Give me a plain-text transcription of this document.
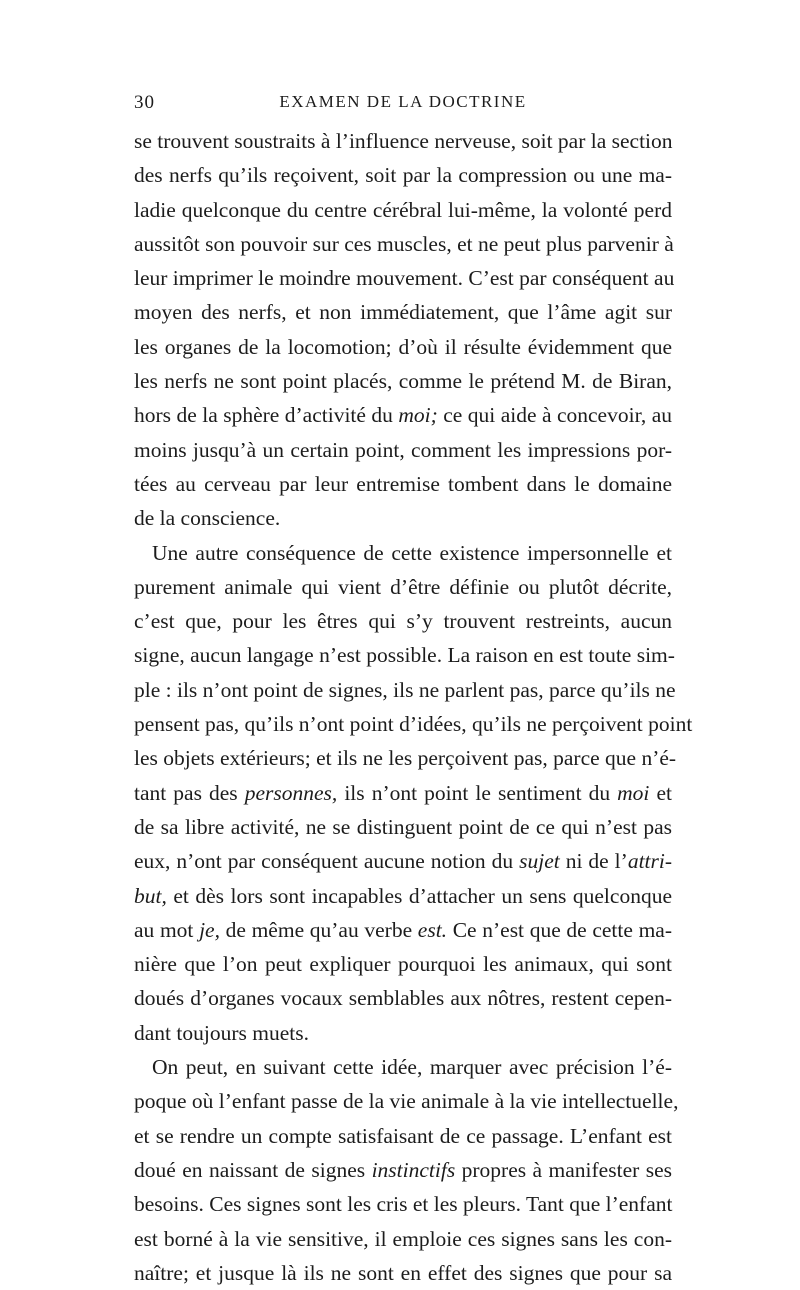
30	EXAMEN DE LA DOCTRINE
se trouvent soustraits à l’influence nerveuse, soit par la section
des nerfs qu’ils reçoivent, soit par la compression ou une ma-
ladie quelconque du centre cérébral lui-même, la volonté perd
aussitôt son pouvoir sur ces muscles, et ne peut plus parvenir à
leur imprimer le moindre mouvement. C’est par conséquent au
moyen des nerfs, et non immédiatement, que l’âme agit sur
les organes de la locomotion; d’où il résulte évidemment que
les nerfs ne sont point placés, comme le prétend M. de Biran,
hors de la sphère d’activité du moi; ce qui aide à concevoir, au
moins jusqu’à un certain point, comment les impressions por-
tées au cerveau par leur entremise tombent dans le domaine
de la conscience.
Une autre conséquence de cette existence impersonnelle et
purement animale qui vient d’être définie ou plutôt décrite,
c’est que, pour les êtres qui s’y trouvent restreints, aucun
signe, aucun langage n’est possible. La raison en est toute sim-
ple : ils n’ont point de signes, ils ne parlent pas, parce qu’ils ne
pensent pas, qu’ils n’ont point d’idées, qu’ils ne perçoivent point
les objets extérieurs; et ils ne les perçoivent pas, parce que n’é-
tant pas des personnes, ils n’ont point le sentiment du moi et
de sa libre activité, ne se distinguent point de ce qui n’est pas
eux, n’ont par conséquent aucune notion du sujet ni de l’attri-
but, et dès lors sont incapables d’attacher un sens quelconque
au mot je, de même qu’au verbe est. Ce n’est que de cette ma-
nière que l’on peut expliquer pourquoi les animaux, qui sont
doués d’organes vocaux semblables aux nôtres, restent cepen-
dant toujours muets.
On peut, en suivant cette idée, marquer avec précision l’é-
poque où l’enfant passe de la vie animale à la vie intellectuelle,
et se rendre un compte satisfaisant de ce passage. L’enfant est
doué en naissant de signes instinctifs propres à manifester ses
besoins. Ces signes sont les cris et les pleurs. Tant que l’enfant
est borné à la vie sensitive, il emploie ces signes sans les con-
naître; et jusque là ils ne sont en effet des signes que pour sa
